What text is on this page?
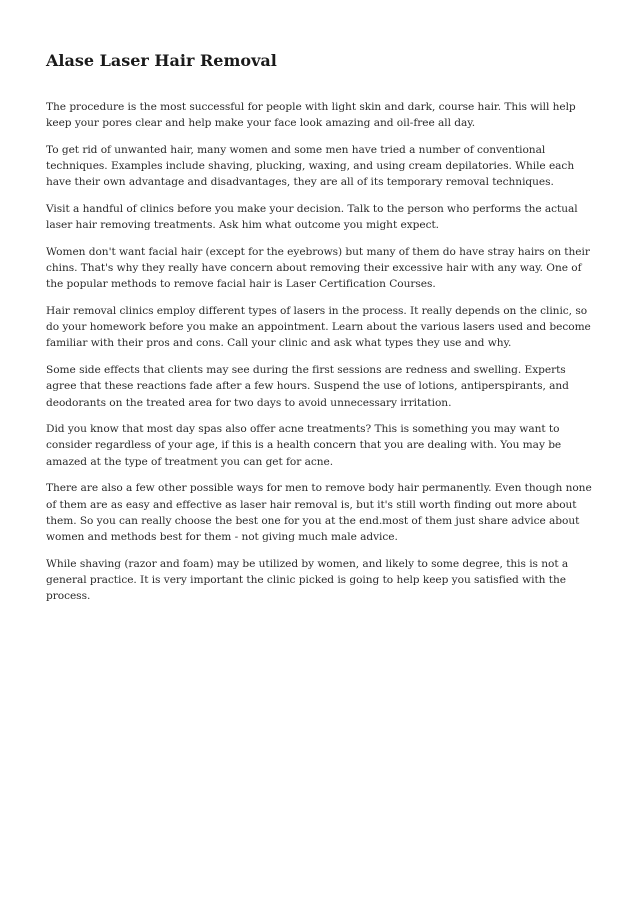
Alase Laser Hair Removal

The procedure is the most successful for people with light skin and dark, course hair. This will help keep your pores clear and help make your face look amazing and oil-free all day.

To get rid of unwanted hair, many women and some men have tried a number of conventional techniques. Examples include shaving, plucking, waxing, and using cream depilatories. While each have their own advantage and disadvantages, they are all of its temporary removal techniques.

Visit a handful of clinics before you make your decision. Talk to the person who performs the actual laser hair removing treatments. Ask him what outcome you might expect.

Women don't want facial hair (except for the eyebrows) but many of them do have stray hairs on their chins. That's why they really have concern about removing their excessive hair with any way. One of the popular methods to remove facial hair is Laser Certification Courses.

Hair removal clinics employ different types of lasers in the process. It really depends on the clinic, so do your homework before you make an appointment. Learn about the various lasers used and become familiar with their pros and cons. Call your clinic and ask what types they use and why.

Some side effects that clients may see during the first sessions are redness and swelling. Experts agree that these reactions fade after a few hours. Suspend the use of lotions, antiperspirants, and deodorants on the treated area for two days to avoid unnecessary irritation.

Did you know that most day spas also offer acne treatments? This is something you may want to consider regardless of your age, if this is a health concern that you are dealing with. You may be amazed at the type of treatment you can get for acne.

There are also a few other possible ways for men to remove body hair permanently. Even though none of them are as easy and effective as laser hair removal is, but it's still worth finding out more about them. So you can really choose the best one for you at the end.most of them just share advice about women and methods best for them - not giving much male advice.

While shaving (razor and foam) may be utilized by women, and likely to some degree, this is not a general practice. It is very important the clinic picked is going to help keep you satisfied with the process.
